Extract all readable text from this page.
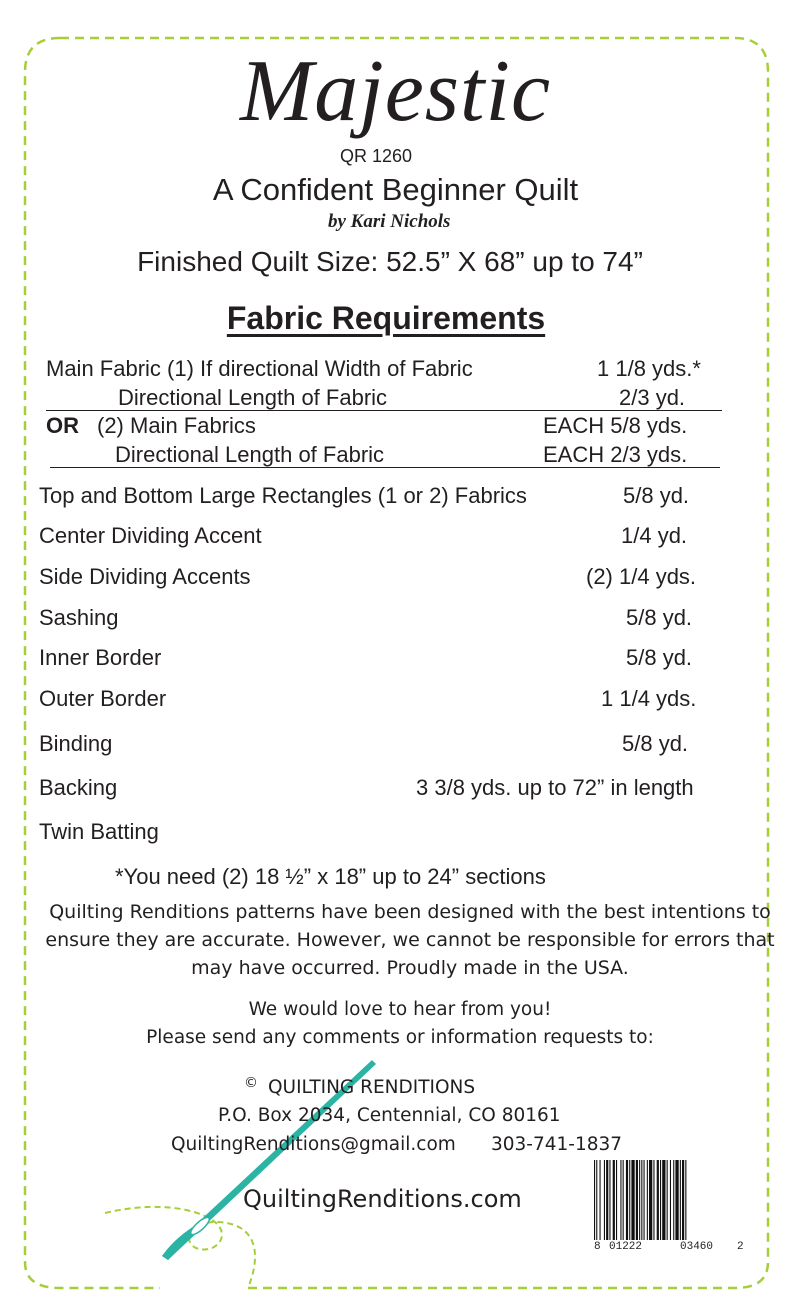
Majestic
QR 1260
A Confident Beginner Quilt
by Kari Nichols
Finished Quilt Size: 52.5” X 68” up to 74”
Fabric Requirements
Main Fabric (1) If directional Width of Fabric	1 1/8 yds.*
Directional Length of Fabric	2/3 yd.
OR (2) Main Fabrics	EACH 5/8 yds.
Directional Length of Fabric	EACH 2/3 yds.
Top and Bottom Large Rectangles (1 or 2) Fabrics	5/8 yd.
Center Dividing Accent	1/4 yd.
Side Dividing Accents	(2) 1/4 yds.
Sashing	5/8 yd.
Inner Border	5/8 yd.
Outer Border	1 1/4 yds.
Binding	5/8 yd.
Backing	3 3/8 yds. up to 72” in length
Twin Batting
*You need (2) 18 ½” x 18” up to 24” sections
Quilting Renditions patterns have been designed with the best intentions to ensure they are accurate. However, we cannot be responsible for errors that may have occurred. Proudly made in the USA.
We would love to hear from you!
Please send any comments or information requests to:
© QUILTING RENDITIONS
P.O. Box 2034, Centennial, CO 80161
QuiltingRenditions@gmail.com 303-741-1837
QuiltingRenditions.com
8 01222	03460 2
